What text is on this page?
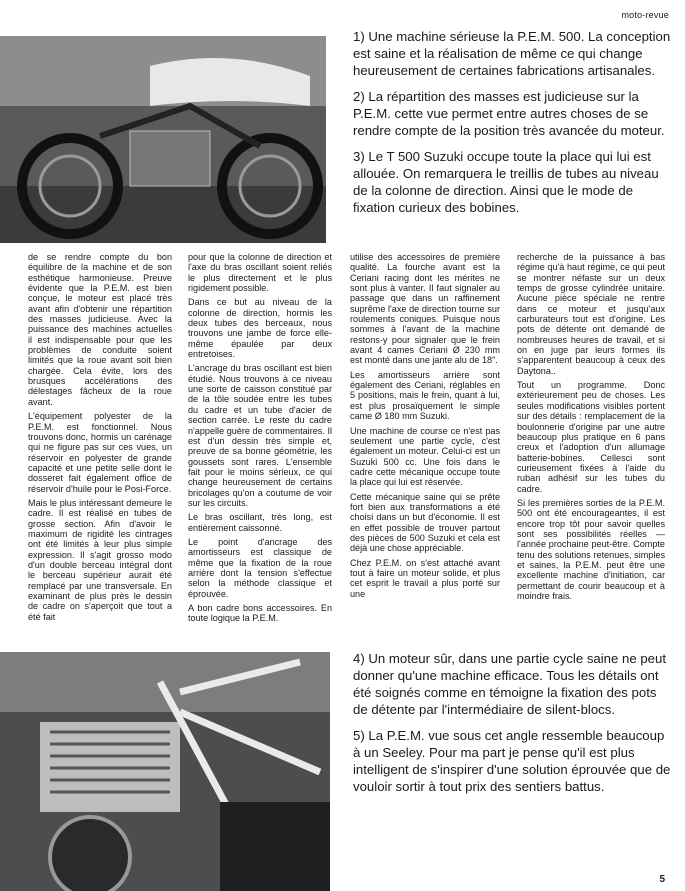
moto-revue

1) Une machine sérieuse la P.E.M. 500. La conception est saine et la réalisation de même ce qui change heureusement de certaines fabrications artisanales.

2) La répartition des masses est judicieuse sur la P.E.M. cette vue permet entre autres choses de se rendre compte de la position très avancée du moteur.

3) Le T 500 Suzuki occupe toute la place qui lui est allouée. On remarquera le treillis de tubes au niveau de la colonne de direction. Ainsi que le mode de fixation curieux des bobines.

de se rendre compte du bon équilibre de la machine et de son esthétique harmonieuse. Preuve évidente que la P.E.M. est bien conçue, le moteur est placé très avant afin d'obtenir une répartition des masses judicieuse. Avec la puissance des machines actuelles il est indispensable pour que les problèmes de conduite soient limités que la roue avant soit bien chargée. Cela évite, lors des brusques accélérations des délestages fâcheux de la roue avant.

L'équipement polyester de la P.E.M. est fonctionnel. Nous trouvons donc, hormis un carénage qui ne figure pas sur ces vues, un réservoir en polyester de grande capacité et une petite selle dont le dosseret fait également office de réservoir d'huile pour le Posi-Force.

Mais le plus intéressant demeure le cadre. Il est réalisé en tubes de grosse section. Afin d'avoir le maximum de rigidité les cintrages ont été limités à leur plus simple expression. Il s'agit grosso modo d'un double berceau intégral dont le berceau supérieur aurait été remplacé par une transversale. En examinant de plus près le dessin de cadre on s'aperçoit que tout a été fait

pour que la colonne de direction et l'axe du bras oscillant soient reliés le plus directement et le plus rigidement possible.

Dans ce but au niveau de la colonne de direction, hormis les deux tubes des berceaux, nous trouvons une jambe de force elle-même épaulée par deux entretoises.

L'ancrage du bras oscillant est bien étudié. Nous trouvons à ce niveau une sorte de caisson constitué par de la tôle soudée entre les tubes du cadre et un tube d'acier de section carrée. Le reste du cadre n'appelle guère de commentaires. Il est d'un dessin très simple et, preuve de sa bonne géométrie, les goussets sont rares. L'ensemble fait pour le moins sérieux, ce qui change heureusement de certains bricolages qu'on a coutume de voir sur les circuits.

Le bras oscillant, très long, est entièrement caissonné.

Le point d'ancrage des amortisseurs est classique de même que la fixation de la roue arrière dont la tension s'effectue selon la méthode classique et éprouvée.

A bon cadre bons accessoires. En toute logique la P.E.M.

utilise des accessoires de première qualité. La fourche avant est la Ceriani racing dont les mérites ne sont plus à vanter. Il faut signaler au passage que dans un raffinement suprême l'axe de direction tourne sur roulements coniques. Puisque nous sommes à l'avant de la machine restons-y pour signaler que le frein avant 4 cames Ceriani Ø 230 mm est monté dans une jante alu de 18".

Les amortisseurs arrière sont également des Ceriani, réglables en 5 positions, mais le frein, quant à lui, est plus prosaïquement le simple came Ø 180 mm Suzuki.

Une machine de course ce n'est pas seulement une partie cycle, c'est également un moteur. Celui-ci est un Suzuki 500 cc. Une fois dans le cadre cette mécanique occupe toute la place qui lui est réservée.

Cette mécanique saine qui se prête fort bien aux transformations a été choisi dans un but d'économie. Il est en effet possible de trouver partout des pièces de 500 Suzuki et cela est déjà une chose appréciable.

Chez P.E.M. on s'est attaché avant tout à faire un moteur solide, et plus cet esprit le travail a plus porté sur une

recherche de la puissance à bas régime qu'à haut régime, ce qui peut se montrer néfaste sur un deux temps de grosse cylindrée unitaire. Aucune pièce spéciale ne rentre dans ce moteur et jusqu'aux carburateurs tout est d'origine. Les pots de détente ont demandé de nombreuses heures de travail, et si on en juge par leurs formes ils s'apparentent beaucoup à ceux des Daytona..

Tout un programme. Donc extérieurement peu de choses. Les seules modifications visibles portent sur des détails : remplacement de la boulonnerie d'origine par une autre beaucoup plus pratique en 6 pans creux et l'adoption d'un allumage batterie-bobines. Cellesci sont curieusement fixées à l'aide du ruban adhésif sur les tubes du cadre.

Si les premières sorties de la P.E.M. 500 ont été encourageantes, il est encore trop tôt pour savoir quelles sont ses possibilités réelles — l'année prochaine peut-être. Compte tenu des solutions retenues, simples et saines, la P.E.M. peut être une excellente machine d'initiation, car permettant de courir beaucoup et à moindre frais.

4) Un moteur sûr, dans une partie cycle saine ne peut donner qu'une machine efficace. Tous les détails ont été soignés comme en témoigne la fixation des pots de détente par l'intermédiaire de silent-blocs.

5) La P.E.M. vue sous cet angle ressemble beaucoup à un Seeley. Pour ma part je pense qu'il est plus intelligent de s'inspirer d'une solution éprouvée que de vouloir sortir à tout prix des sentiers battus.

5
